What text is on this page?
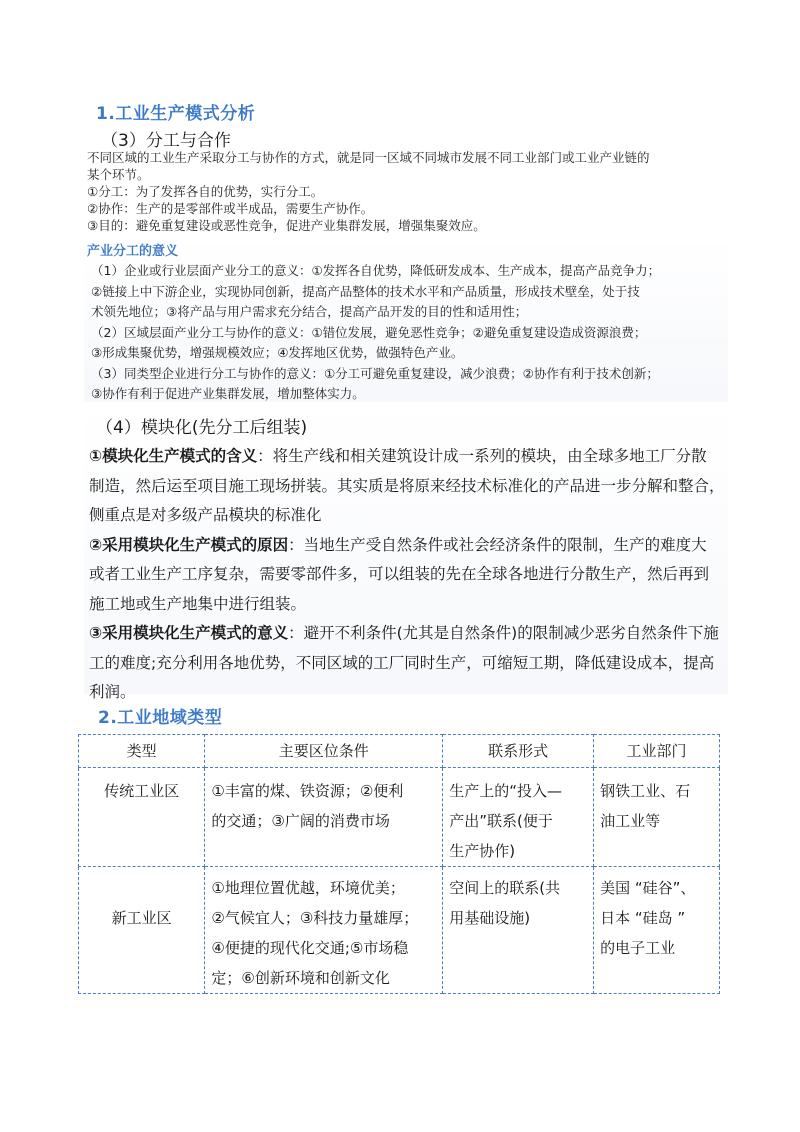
1.工业生产模式分析
（3）分工与合作
不同区域的工业生产采取分工与协作的方式，就是同一区域不同城市发展不同工业部门或工业产业链的
某个环节。
①分工：为了发挥各自的优势，实行分工。
②协作：生产的是零部件或半成品，需要生产协作。
③目的：避免重复建设或恶性竞争，促进产业集群发展，增强集聚效应。
产业分工的意义
（1）企业或行业层面产业分工的意义：①发挥各自优势，降低研发成本、生产成本，提高产品竞争力；
②链接上中下游企业，实现协同创新，提高产品整体的技术水平和产品质量，形成技术壁垒，处于技
术领先地位；③将产品与用户需求充分结合，提高产品开发的目的性和适用性；
（2）区域层面产业分工与协作的意义：①错位发展，避免恶性竞争；②避免重复建设造成资源浪费；
③形成集聚优势，增强规模效应；④发挥地区优势，做强特色产业。
（3）同类型企业进行分工与协作的意义：①分工可避免重复建设，减少浪费；②协作有利于技术创新；
③协作有利于促进产业集群发展，增加整体实力。
（4）模块化(先分工后组装)
①模块化生产模式的含义：将生产线和相关建筑设计成一系列的模块，由全球多地工厂分散
制造，然后运至项目施工现场拼装。其实质是将原来经技术标准化的产品进一步分解和整合，
侧重点是对多级产品模块的标准化
②采用模块化生产模式的原因：当地生产受自然条件或社会经济条件的限制，生产的难度大
或者工业生产工序复杂，需要零部件多，可以组装的先在全球各地进行分散生产，然后再到
施工地或生产地集中进行组装。
③采用模块化生产模式的意义：避开不利条件(尤其是自然条件)的限制减少恶劣自然条件下施
工的难度;充分利用各地优势，不同区域的工厂同时生产，可缩短工期，降低建设成本，提高
利润。
2.工业地域类型
类型	主要区位条件	联系形式	工业部门
传统工业区	①丰富的煤、铁资源；②便利
的交通；③广阔的消费市场	生产上的“投入—
产出”联系(便于
生产协作)	钢铁工业、石
油工业等

新工业区	①地理位置优越，环境优美；
②气候宜人；③科技力量雄厚；
④便捷的现代化交通;⑤市场稳
定；⑥创新环境和创新文化	空间上的联系(共
用基础设施)	美国 “硅谷”、
日本 “硅岛 ”
的电子工业
